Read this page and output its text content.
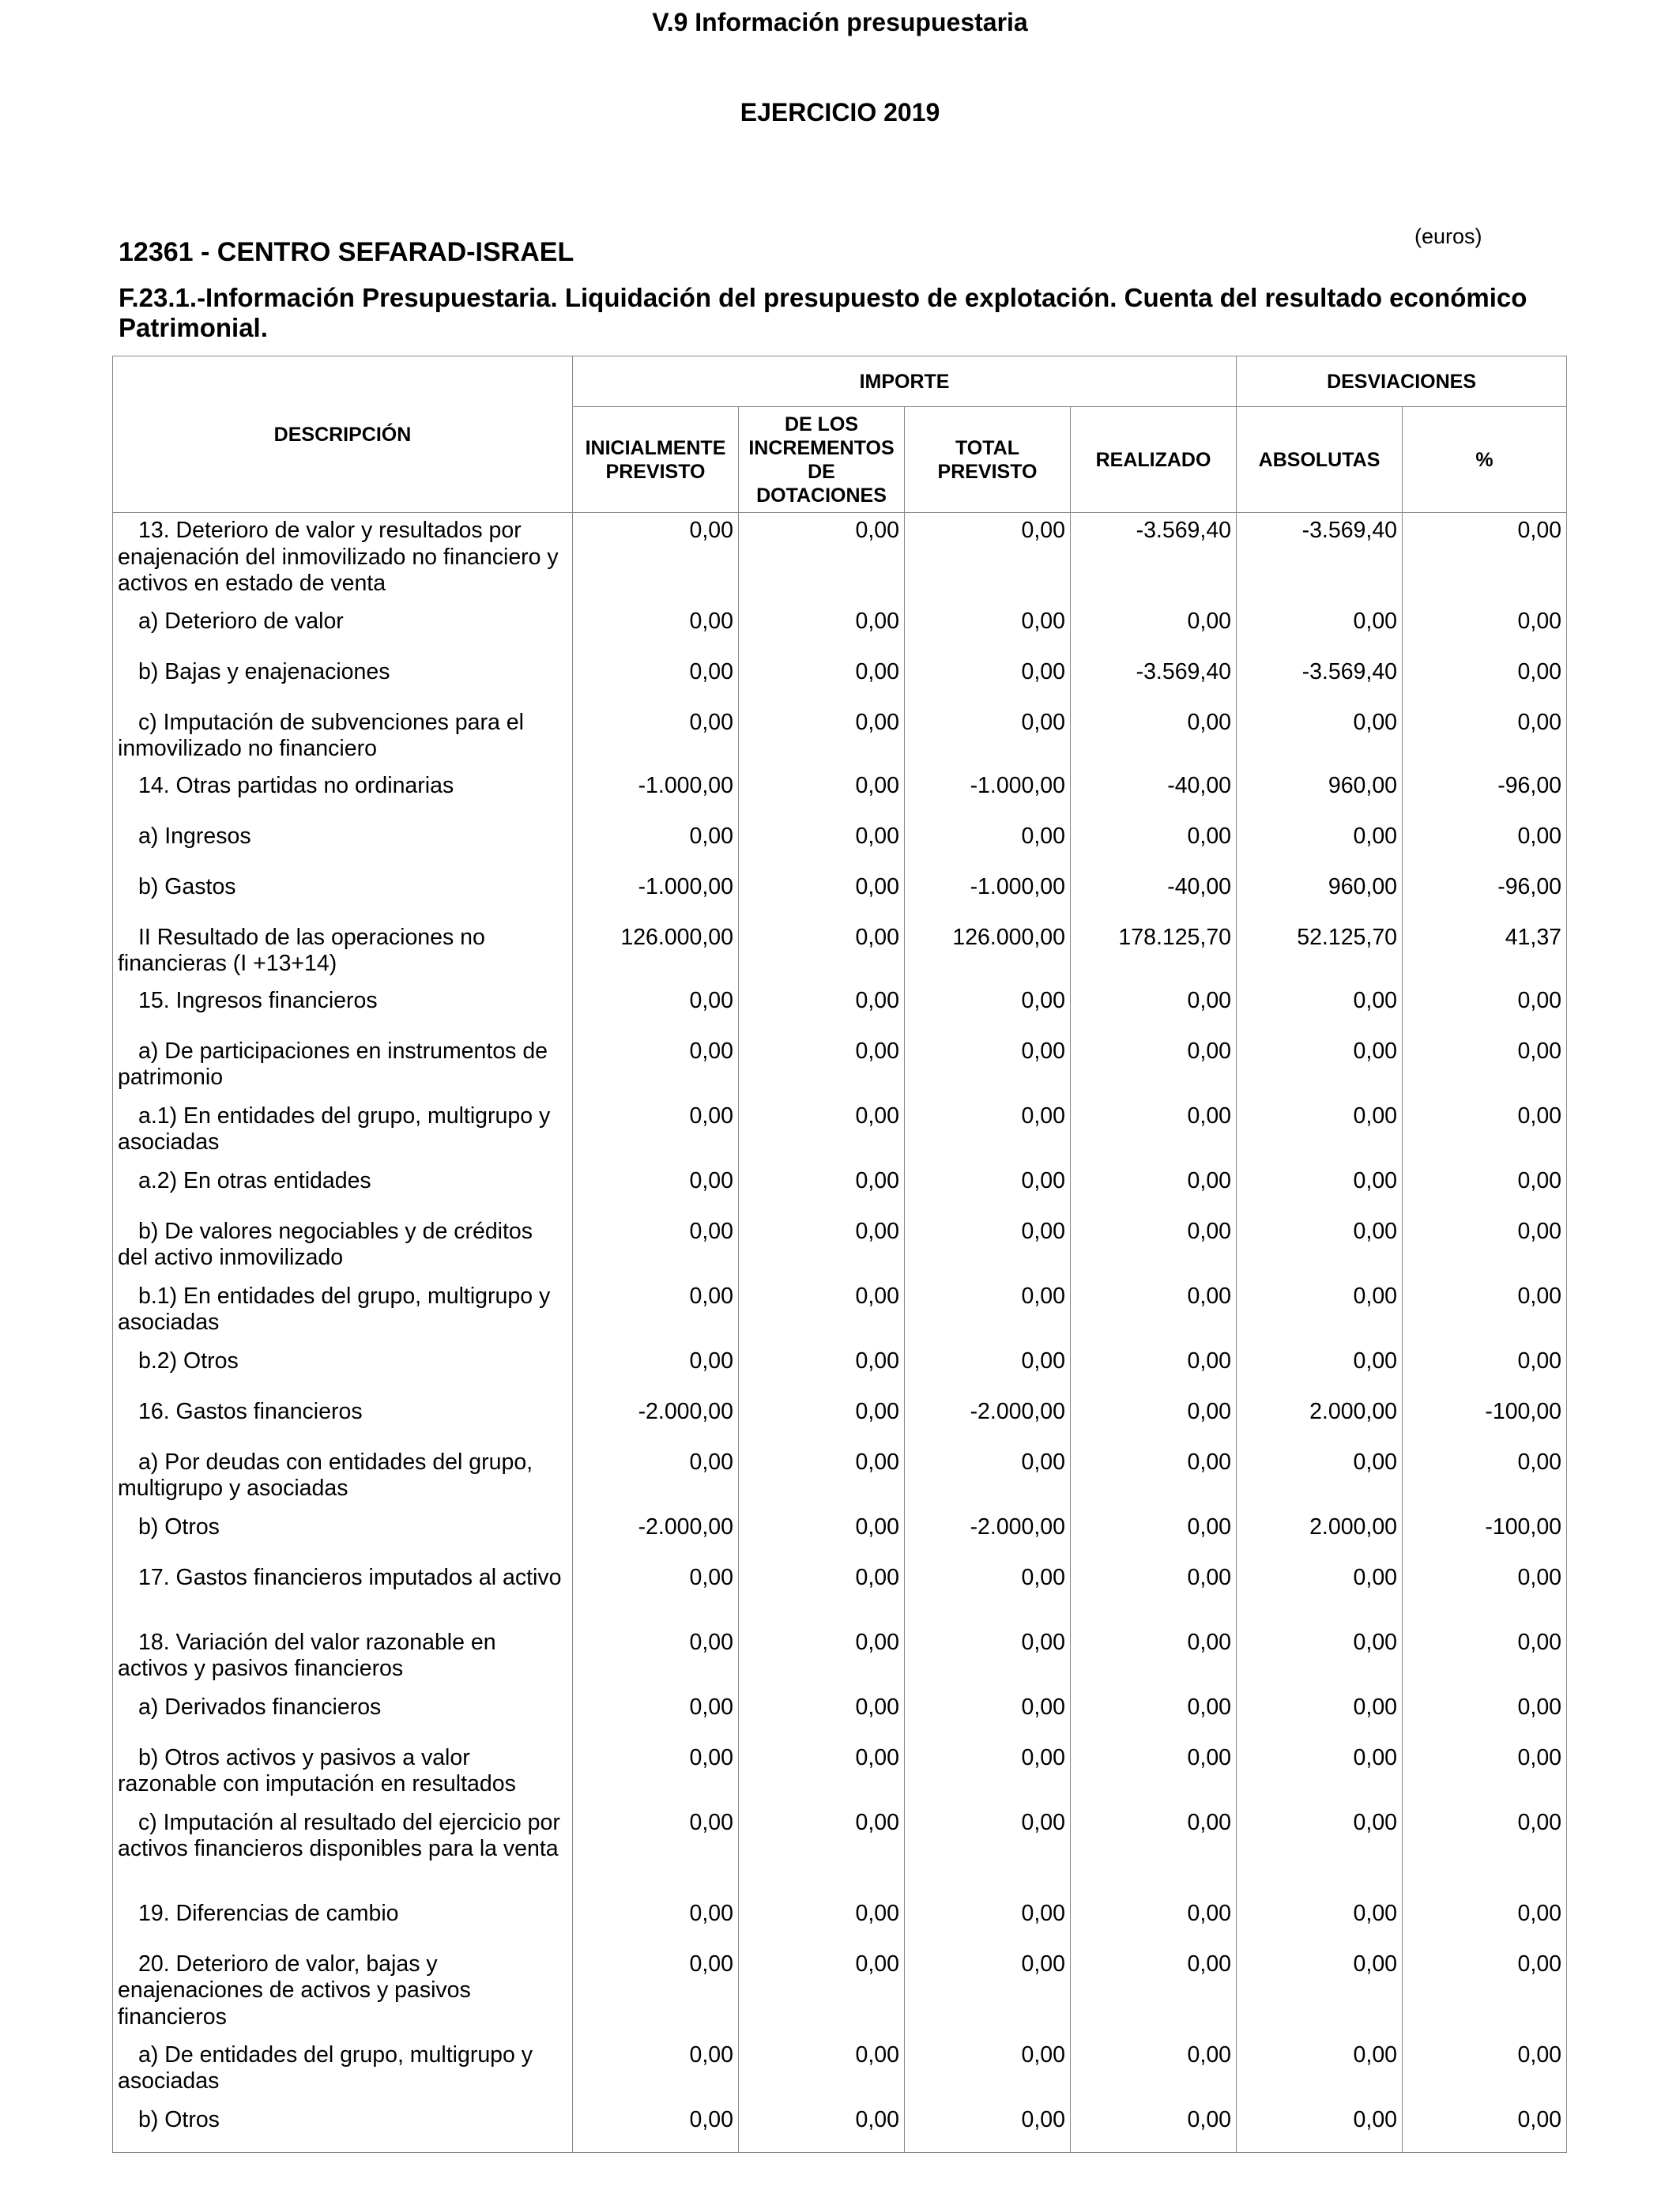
V.9 Información presupuestaria
EJERCICIO 2019
(euros)
12361 - CENTRO SEFARAD-ISRAEL
F.23.1.-Información Presupuestaria. Liquidación del presupuesto de explotación. Cuenta del resultado económico Patrimonial.
DESCRIPCIÓN	IMPORTE				DESVIACIONES	
	INICIALMENTE PREVISTO	DE LOS INCREMENTOS DE DOTACIONES	TOTAL PREVISTO	REALIZADO	ABSOLUTAS	%

13. Deterioro de valor y resultados por enajenación del inmovilizado no financiero y activos en estado de venta	0,00	0,00	0,00	-3.569,40	-3.569,40	0,00

a) Deterioro de valor	0,00	0,00	0,00	0,00	0,00	0,00

b) Bajas y enajenaciones	0,00	0,00	0,00	-3.569,40	-3.569,40	0,00

c) Imputación de subvenciones para el inmovilizado no financiero	0,00	0,00	0,00	0,00	0,00	0,00

14. Otras partidas no ordinarias	-1.000,00	0,00	-1.000,00	-40,00	960,00	-96,00

a) Ingresos	0,00	0,00	0,00	0,00	0,00	0,00

b) Gastos	-1.000,00	0,00	-1.000,00	-40,00	960,00	-96,00

II Resultado de las operaciones no financieras (I +13+14)	126.000,00	0,00	126.000,00	178.125,70	52.125,70	41,37

15. Ingresos financieros	0,00	0,00	0,00	0,00	0,00	0,00

a) De participaciones en instrumentos de patrimonio	0,00	0,00	0,00	0,00	0,00	0,00

a.1) En entidades del grupo, multigrupo y asociadas	0,00	0,00	0,00	0,00	0,00	0,00

a.2) En otras entidades	0,00	0,00	0,00	0,00	0,00	0,00

b) De valores negociables y de créditos del activo inmovilizado	0,00	0,00	0,00	0,00	0,00	0,00

b.1) En entidades del grupo, multigrupo y asociadas	0,00	0,00	0,00	0,00	0,00	0,00

b.2) Otros	0,00	0,00	0,00	0,00	0,00	0,00

16. Gastos financieros	-2.000,00	0,00	-2.000,00	0,00	2.000,00	-100,00

a) Por deudas con entidades del grupo, multigrupo y asociadas	0,00	0,00	0,00	0,00	0,00	0,00

b) Otros	-2.000,00	0,00	-2.000,00	0,00	2.000,00	-100,00

17. Gastos financieros imputados al activo	0,00	0,00	0,00	0,00	0,00	0,00

18. Variación del valor razonable en activos y pasivos financieros	0,00	0,00	0,00	0,00	0,00	0,00

a) Derivados financieros	0,00	0,00	0,00	0,00	0,00	0,00

b) Otros activos y pasivos a valor razonable con imputación en resultados	0,00	0,00	0,00	0,00	0,00	0,00

c) Imputación al resultado del ejercicio por activos financieros disponibles para la venta	0,00	0,00	0,00	0,00	0,00	0,00

19. Diferencias de cambio	0,00	0,00	0,00	0,00	0,00	0,00

20. Deterioro de valor, bajas y enajenaciones de activos y pasivos financieros	0,00	0,00	0,00	0,00	0,00	0,00

a) De entidades del grupo, multigrupo y asociadas	0,00	0,00	0,00	0,00	0,00	0,00

b) Otros	0,00	0,00	0,00	0,00	0,00	0,00
